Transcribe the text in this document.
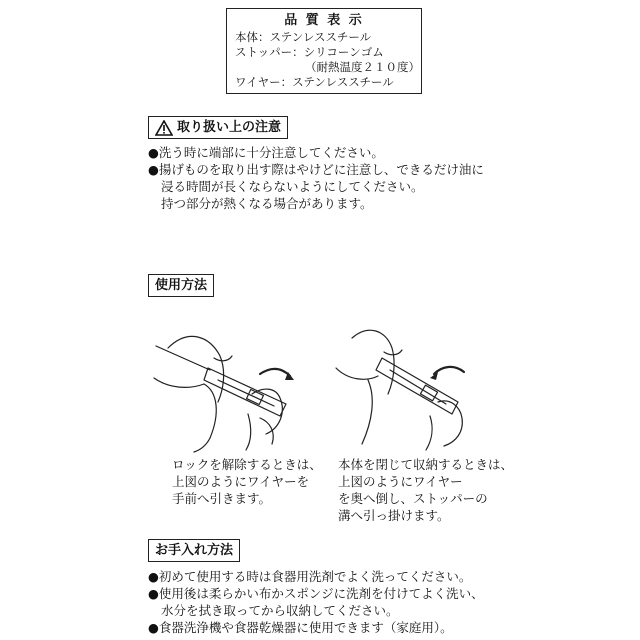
品 質 表 示
本体：ステンレススチール
ストッパー：シリコーンゴム
（耐熱温度２１０度）
ワイヤー：ステンレススチール
取り扱い上の注意
●洗う時に端部に十分注意してください。
●揚げものを取り出す際はやけどに注意し、できるだけ油に
浸る時間が長くならないようにしてください。
持つ部分が熱くなる場合があります。
使用方法
ロックを解除するときは、
上図のようにワイヤーを
手前へ引きます。
本体を閉じて収納するときは、
上図のようにワイヤー
を奥へ倒し、ストッパーの
溝へ引っ掛けます。
お手入れ方法
●初めて使用する時は食器用洗剤でよく洗ってください。
●使用後は柔らかい布かスポンジに洗剤を付けてよく洗い、
水分を拭き取ってから収納してください。
●食器洗浄機や食器乾燥器に使用できます（家庭用）。
